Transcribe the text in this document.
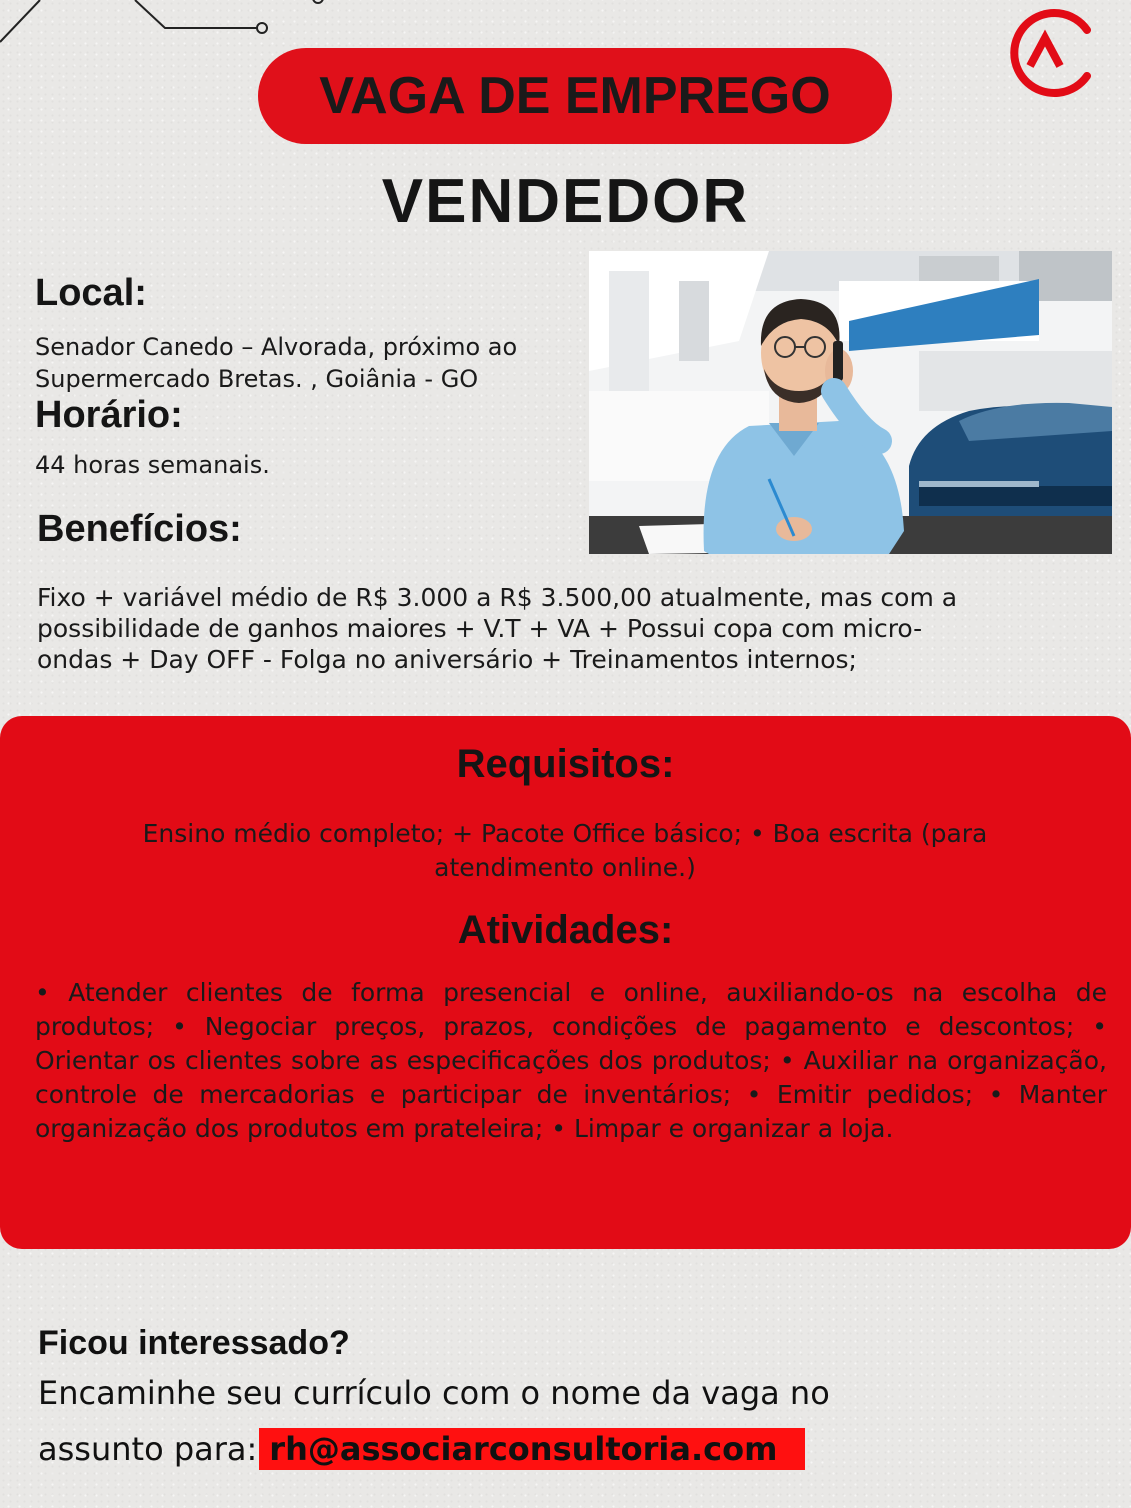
VAGA DE EMPREGO
VENDEDOR
Local:
Senador Canedo – Alvorada, próximo ao
Supermercado Bretas. , Goiânia - GO
Horário:
44 horas semanais.
Benefícios:
Fixo + variável médio de R$ 3.000 a R$ 3.500,00 atualmente, mas com a
possibilidade de ganhos maiores + V.T + VA + Possui copa com micro-
ondas + Day OFF - Folga no aniversário + Treinamentos internos;
Requisitos:
Ensino médio completo; + Pacote Office básico; • Boa escrita (para
atendimento online.)
Atividades:
• Atender clientes de forma presencial e online, auxiliando-os na escolha de produtos; • Negociar preços, prazos, condições de pagamento e descontos; • Orientar os clientes sobre as especificações dos produtos; • Auxiliar na organização, controle de mercadorias e participar de inventários; • Emitir pedidos; • Manter organização dos produtos em prateleira; • Limpar e organizar a loja.
Ficou interessado?
Encaminhe seu currículo com o nome da vaga no
assunto para: rh@associarconsultoria.com
